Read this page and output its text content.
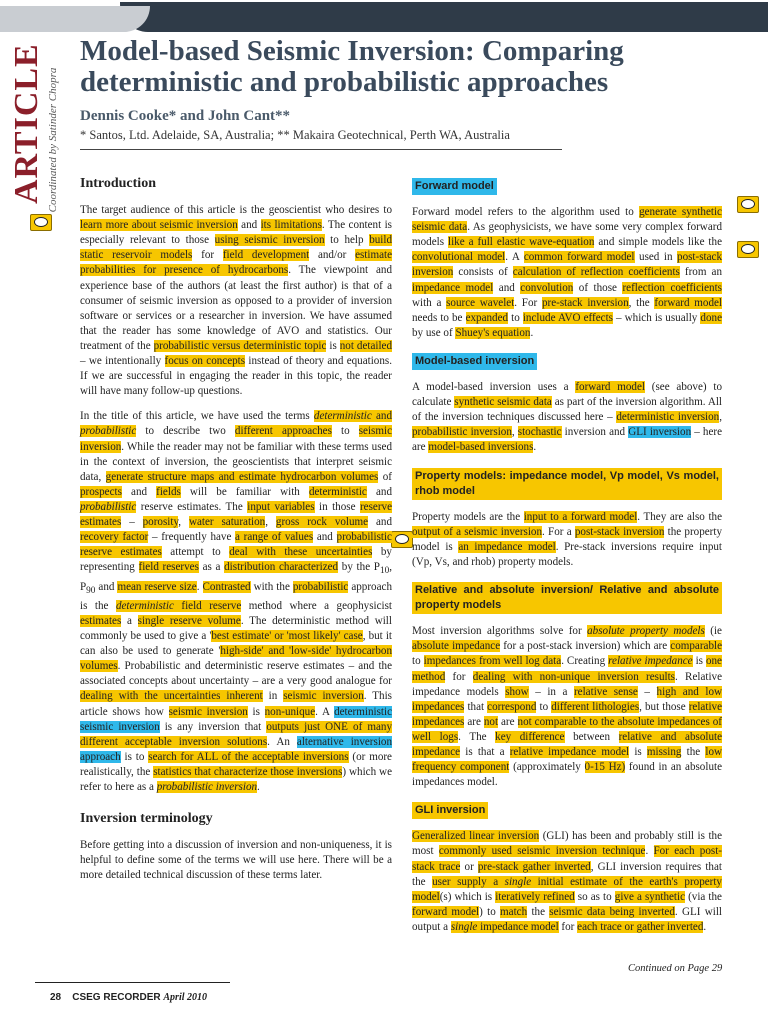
ARTICLE Coordinated by Satinder Chopra
Model-based Seismic Inversion: Comparing deterministic and probabilistic approaches
Dennis Cooke* and John Cant**
* Santos, Ltd. Adelaide, SA, Australia; ** Makaira Geotechnical, Perth WA, Australia
Introduction

The target audience of this article is the geoscientist who desires to learn more about seismic inversion and its limitations. The content is especially relevant to those using seismic inversion to help build static reservoir models for field development and/or estimate probabilities for presence of hydrocarbons. The viewpoint and experience base of the authors (at least the first author) is that of a consumer of seismic inversion as opposed to a provider of inversion software or services or a researcher in inversion. We have assumed that the reader has some knowledge of AVO and statistics. Our treatment of the probabilistic versus deterministic topic is not detailed – we intentionally focus on concepts instead of theory and equations. If we are successful in engaging the reader in this topic, the reader will have many follow-up questions.

In the title of this article, we have used the terms deterministic and probabilistic to describe two different approaches to seismic inversion. While the reader may not be familiar with these terms used in the context of inversion, the geoscientists that interpret seismic data, generate structure maps and estimate hydrocarbon volumes of prospects and fields will be familiar with deterministic and probabilistic reserve estimates. The input variables in those reserve estimates – porosity, water saturation, gross rock volume and recovery factor – frequently have a range of values and probabilistic reserve estimates attempt to deal with these uncertainties by representing field reserves as a distribution characterized by the $P_{10}$, $P_{90}$ and mean reserve size. Contrasted with the probabilistic approach is the deterministic field reserve method where a geophysicist estimates a single reserve volume. The deterministic method will commonly be used to give a 'best estimate' or 'most likely' case, but it can also be used to generate 'high-side' and 'low-side' hydrocarbon volumes. Probabilistic and deterministic reserve estimates – and the associated concepts about uncertainty – are a very good analogue for dealing with the uncertainties inherent in seismic inversion. This article shows how seismic inversion is non-unique. A deterministic seismic inversion is any inversion that outputs just ONE of many different acceptable inversion solutions. An alternative inversion approach is to search for ALL of the acceptable inversions (or more realistically, the statistics that characterize those inversions) which we refer to here as a probabilistic inversion.

Inversion terminology

Before getting into a discussion of inversion and non-uniqueness, it is helpful to define some of the terms we will use here. There will be a more detailed technical discussion of these terms later.

Forward model

Forward model refers to the algorithm used to generate synthetic seismic data. As geophysicists, we have some very complex forward models like a full elastic wave-equation and simple models like the convolutional model. A common forward model used in post-stack inversion consists of calculation of reflection coefficients from an impedance model and convolution of those reflection coefficients with a source wavelet. For pre-stack inversion, the forward model needs to be expanded to include AVO effects – which is usually done by use of Shuey's equation.

Model-based inversion

A model-based inversion uses a forward model (see above) to calculate synthetic seismic data as part of the inversion algorithm. All of the inversion techniques discussed here – deterministic inversion, probabilistic inversion, stochastic inversion and GLI inversion – here are model-based inversions.

Property models: impedance model, Vp model, Vs model, rhob model

Property models are the input to a forward model. They are also the output of a seismic inversion. For a post-stack inversion the property model is an impedance model. Pre-stack inversions require input (Vp, Vs, and rhob) property models.

Relative and absolute inversion/ Relative and absolute property models

Most inversion algorithms solve for absolute property models (ie absolute impedance for a post-stack inversion) which are comparable to impedances from well log data. Creating relative impedance is one method for dealing with non-unique inversion results. Relative impedance models show – in a relative sense – high and low impedances that correspond to different lithologies, but those relative impedances are not are not comparable to the absolute impedances of well logs. The key difference between relative and absolute impedance is that a relative impedance model is missing the low frequency component (approximately 0-15 Hz) found in an absolute impedances model.

GLI inversion

Generalized linear inversion (GLI) has been and probably still is the most commonly used seismic inversion technique. For each post-stack trace or pre-stack gather inverted, GLI inversion requires that the user supply a single initial estimate of the earth's property model(s) which is iteratively refined so as to give a synthetic (via the forward model) to match the seismic data being inverted. GLI will output a single impedance model for each trace or gather inverted.

Continued on Page 29
28 CSEG RECORDER April 2010
